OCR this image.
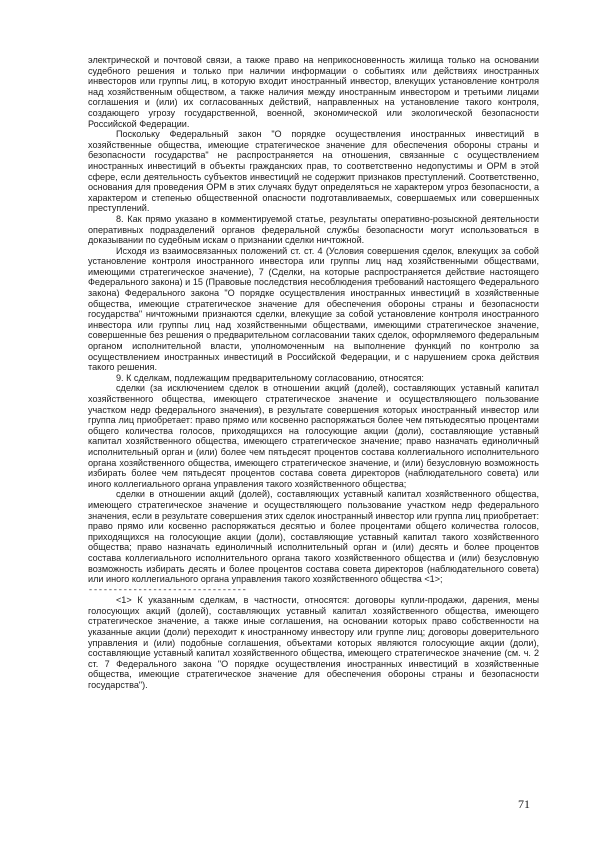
электрической и почтовой связи, а также право на неприкосновенность жилища только на основании судебного решения и только при наличии информации о событиях или действиях иностранных инвесторов или группы лиц, в которую входит иностранный инвестор, влекущих установление контроля над хозяйственным обществом, а также наличия между иностранным инвестором и третьими лицами соглашения и (или) их согласованных действий, направленных на установление такого контроля, создающего угрозу государственной, военной, экономической или экологической безопасности Российской Федерации.

Поскольку Федеральный закон "О порядке осуществления иностранных инвестиций в хозяйственные общества, имеющие стратегическое значение для обеспечения обороны страны и безопасности государства" не распространяется на отношения, связанные с осуществлением иностранных инвестиций в объекты гражданских прав, то соответственно недопустимы и ОРМ в этой сфере, если деятельность субъектов инвестиций не содержит признаков преступлений. Соответственно, основания для проведения ОРМ в этих случаях будут определяться не характером угроз безопасности, а характером и степенью общественной опасности подготавливаемых, совершаемых или совершенных преступлений.

8. Как прямо указано в комментируемой статье, результаты оперативно-розыскной деятельности оперативных подразделений органов федеральной службы безопасности могут использоваться в доказывании по судебным искам о признании сделки ничтожной.

Исходя из взаимосвязанных положений ст. ст. 4 (Условия совершения сделок, влекущих за собой установление контроля иностранного инвестора или группы лиц над хозяйственными обществами, имеющими стратегическое значение), 7 (Сделки, на которые распространяется действие настоящего Федерального закона) и 15 (Правовые последствия несоблюдения требований настоящего Федерального закона) Федерального закона "О порядке осуществления иностранных инвестиций в хозяйственные общества, имеющие стратегическое значение для обеспечения обороны страны и безопасности государства" ничтожными признаются сделки, влекущие за собой установление контроля иностранного инвестора или группы лиц над хозяйственными обществами, имеющими стратегическое значение, совершенные без решения о предварительном согласовании таких сделок, оформляемого федеральным органом исполнительной власти, уполномоченным на выполнение функций по контролю за осуществлением иностранных инвестиций в Российской Федерации, и с нарушением срока действия такого решения.

9. К сделкам, подлежащим предварительному согласованию, относятся:

сделки (за исключением сделок в отношении акций (долей), составляющих уставный капитал хозяйственного общества, имеющего стратегическое значение и осуществляющего пользование участком недр федерального значения), в результате совершения которых иностранный инвестор или группа лиц приобретает: право прямо или косвенно распоряжаться более чем пятьюдесятью процентами общего количества голосов, приходящихся на голосующие акции (доли), составляющие уставный капитал хозяйственного общества, имеющего стратегическое значение; право назначать единоличный исполнительный орган и (или) более чем пятьдесят процентов состава коллегиального исполнительного органа хозяйственного общества, имеющего стратегическое значение, и (или) безусловную возможность избирать более чем пятьдесят процентов состава совета директоров (наблюдательного совета) или иного коллегиального органа управления такого хозяйственного общества;

сделки в отношении акций (долей), составляющих уставный капитал хозяйственного общества, имеющего стратегическое значение и осуществляющего пользование участком недр федерального значения, если в результате совершения этих сделок иностранный инвестор или группа лиц приобретает: право прямо или косвенно распоряжаться десятью и более процентами общего количества голосов, приходящихся на голосующие акции (доли), составляющие уставный капитал такого хозяйственного общества; право назначать единоличный исполнительный орган и (или) десять и более процентов состава коллегиального исполнительного органа такого хозяйственного общества и (или) безусловную возможность избирать десять и более процентов состава совета директоров (наблюдательного совета) или иного коллегиального органа управления такого хозяйственного общества <1>;

--------------------------------

<1> К указанным сделкам, в частности, относятся: договоры купли-продажи, дарения, мены голосующих акций (долей), составляющих уставный капитал хозяйственного общества, имеющего стратегическое значение, а также иные соглашения, на основании которых право собственности на указанные акции (доли) переходит к иностранному инвестору или группе лиц; договоры доверительного управления и (или) подобные соглашения, объектами которых являются голосующие акции (доли), составляющие уставный капитал хозяйственного общества, имеющего стратегическое значение (см. ч. 2 ст. 7 Федерального закона "О порядке осуществления иностранных инвестиций в хозяйственные общества, имеющие стратегическое значение для обеспечения обороны страны и безопасности государства").

71
